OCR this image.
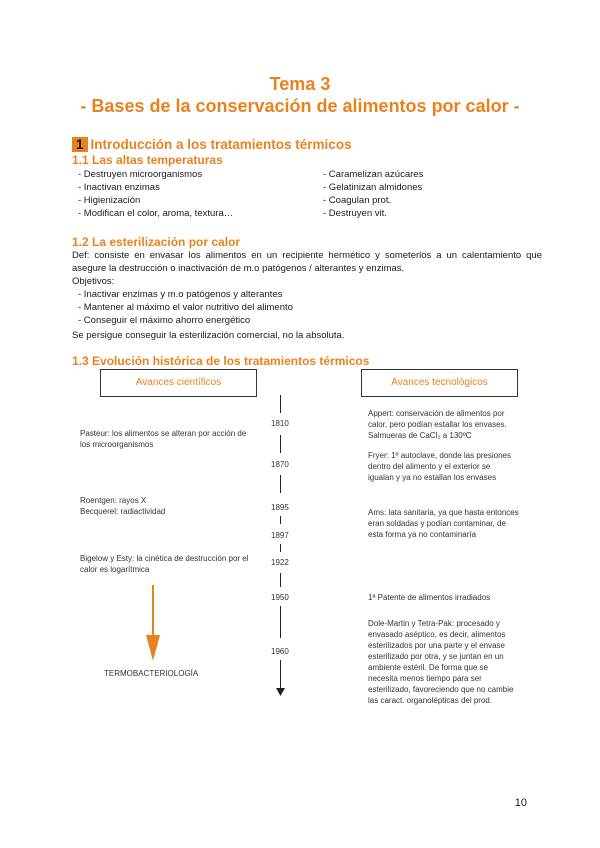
Tema 3
- Bases de la conservación de alimentos por calor -
1 Introducción a los tratamientos térmicos
1.1 Las altas temperaturas
- Destruyen microorganismos
- Inactivan enzimas
- Higienización
- Modifican el color, aroma, textura…
- Caramelizan azúcares
- Gelatinizan almidones
- Coagulan prot.
- Destruyen vit.
1.2 La esterilización por calor
Def: consiste en envasar los alimentos en un recipiente hermético y someterlos a un calentamiento que asegure la destrucción o inactivación de m.o patógenos / alterantes y enzimas.
Objetivos:
- Inactivar enzimas y m.o patógenos y alterantes
- Mantener al máximo el valor nutritivo del alimento
- Conseguir el máximo ahorro energético
Se persigue conseguir la esterilización comercial, no la absoluta.
1.3 Evolución histórica de los tratamientos térmicos
Avances científicos	Avances tecnológicos
1810
1870
1895
1897
1922
1950
1960
Pasteur: los alimentos se alteran por acción de los microorganismos
Roentgen: rayos X
Becquerel: radiactividad
Bigelow y Esty: la cinética de destrucción por el calor es logarítmica
TERMOBACTERIOLOGÍA
Appert: conservación de alimentos por calor, pero podían estallar los envases. Salmueras de CaCl₂ a 130ºC
Fryer: 1º autoclave, donde las presiones dentro del alimento y el exterior se igualan y ya no estallan los envases
Ams: lata sanitaria, ya que hasta entonces eran soldadas y podían contaminar, de esta forma ya no contaminaría
1ª Patente de alimentos irradiados
Dole-Martin y Tetra-Pak: procesado y envasado aséptico, es decir, alimentos esterilizados por una parte y el envase esterilizado por otra, y se juntan en un ambiente estéril. De forma que se necesita menos tiempo para ser esterilizado, favoreciendo que no cambie las caract. organolépticas del prod.
10
